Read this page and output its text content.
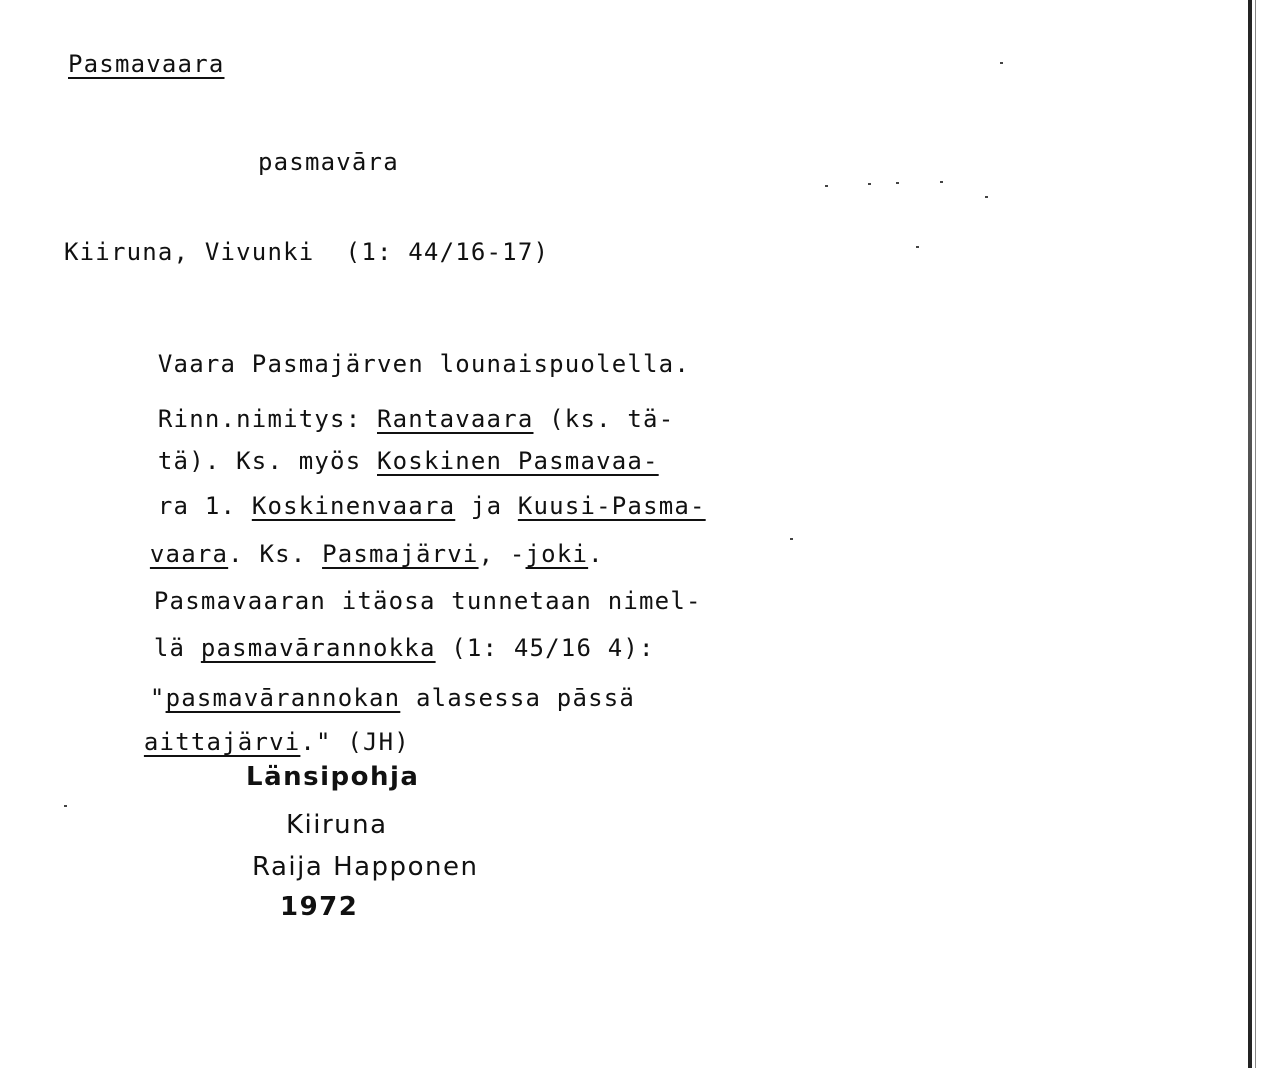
Pasmavaara
pasmavāra
Kiiruna, Vivunki  (1: 44/16-17)

Vaara Pasmajärven lounaispuolella.

Rinn.nimitys: Rantavaara (ks. tä-

tä). Ks. myös Koskinen Pasmavaa-

ra 1. Koskinenvaara ja Kuusi-Pasma-

vaara. Ks. Pasmajärvi, -joki.

Pasmavaaran itäosa tunnetaan nimel-

lä pasmavārannokka (1: 45/16 4):

"pasmavārannokan alasessa pāssä

aittajärvi." (JH)

Länsipohja
Kiiruna
Raija Happonen
1972
